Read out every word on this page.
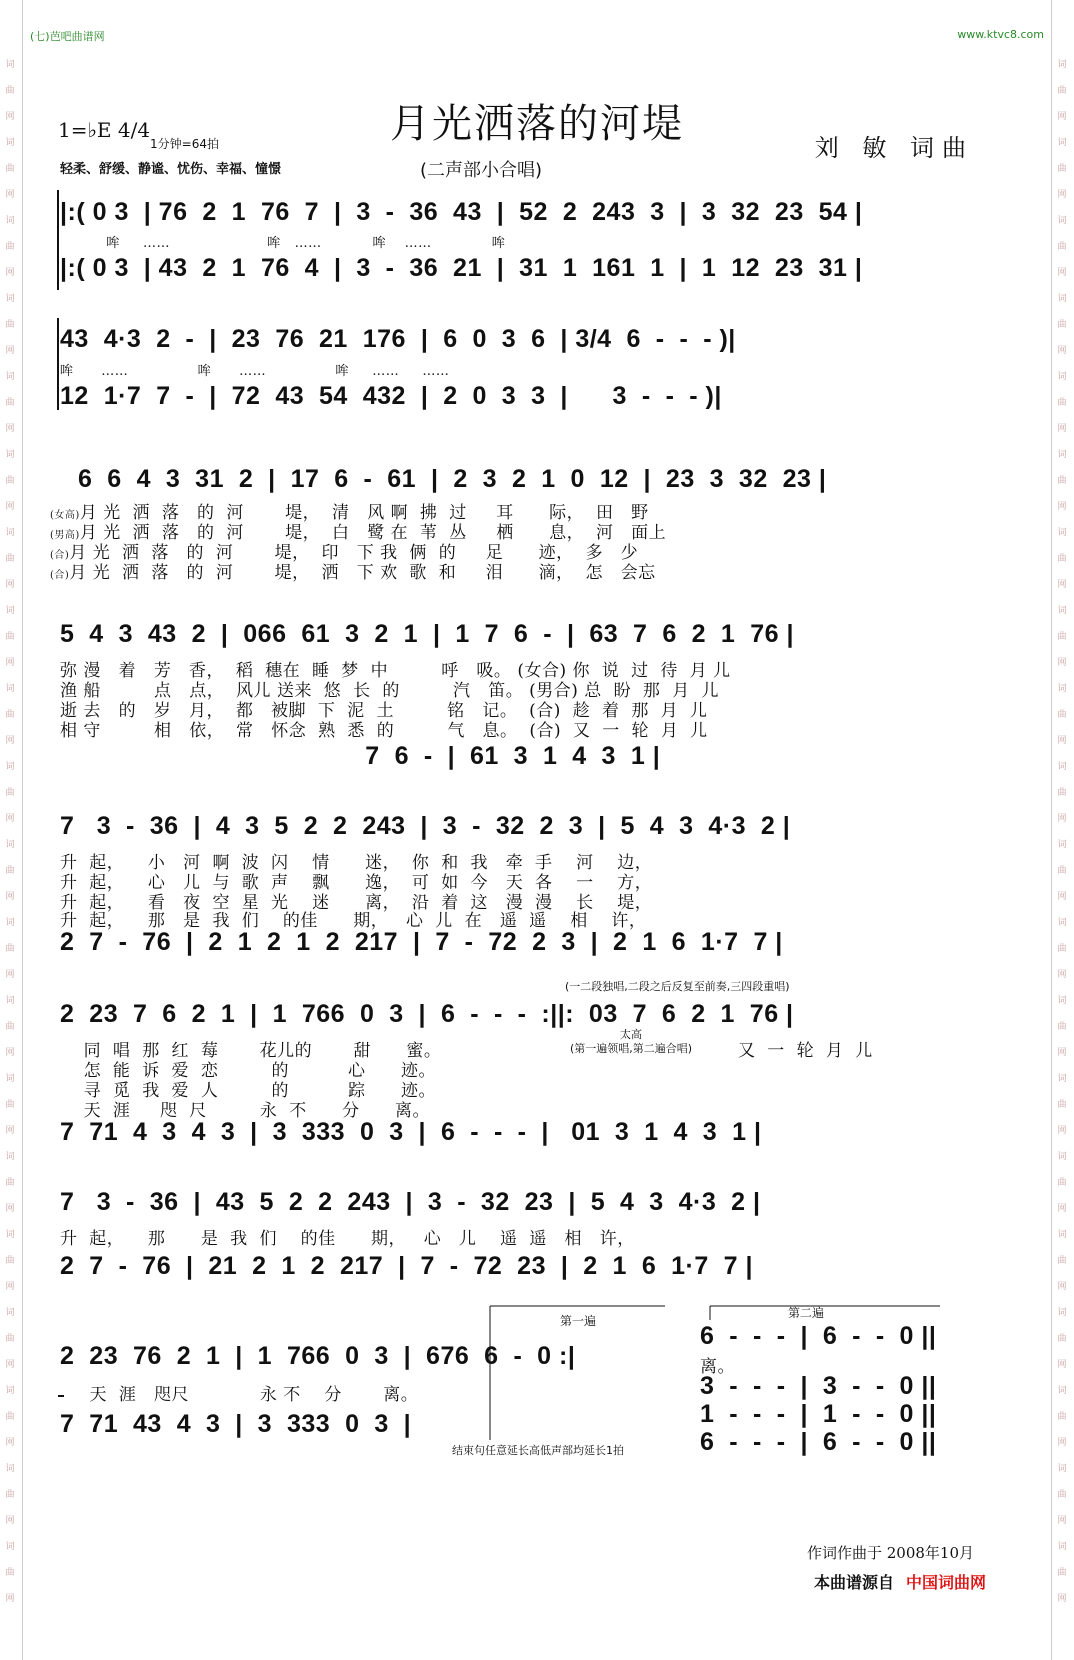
词
曲
网
词
曲
网
词
曲
网
词
曲
网
词
曲
网
词
曲
网
词
曲
网
词
曲
网
词
曲
网
词
曲
网
词
曲
网
词
曲
网
词
曲
网
词
曲
网
词
曲
网
词
曲
网
词
曲
网
词
曲
网
词
曲
网
词
曲
网
词
曲
网
词
曲
网
词
曲
网
词
曲
网
词
曲
网
词
曲
网
词
曲
网
词
曲
网
词
曲
网
词
曲
网
词
曲
网
词
曲
网
词
曲
网
词
曲
网
词
曲
网
词
曲
网
词
曲
网
词
曲
网
词
曲
网
词
曲
网
(七)芭吧曲谱网	www.ktvc8.com
月光洒落的河堤
刘 敏 词曲
1=♭E 4/4
1分钟=64拍
轻柔、舒缓、静谧、忧伤、幸福、憧憬	(二声部小合唱)
|:( 0 3  | 76  2  1  76  7  |  3  -  36  43  |  52  2  243  3  |  3  32  23  54 |
哞     ……                     哞   ……           哞    ……             哞
|:( 0 3  | 43  2  1  76  4  |  3  -  36  21  |  31  1  161  1  |  1  12  23  31 |
43  4·3  2  -  |  23  76  21  176  |  6  0  3  6  | 3/4  6  -  -  - )|
哞      ……               哞      ……               哞     ……     ……
12  1·7  7  -  |  72  43  54  432  |  2  0  3  3  |      3  -  -  - )|
6  6  4  3  31  2  |  17  6  -  61  |  2  3  2  1  0  12  |  23  3  32  23 |
(女高)月 光  洒  落   的  河       堤，  清   风 啊  拂  过     耳      际，  田   野
(男高)月 光  洒  落   的  河       堤，  白   鹭 在  苇  丛     栖      息，  河   面上
(合)月 光  洒  落   的  河       堤，  印   下 我  俩  的     足      迹，  多   少
(合)月 光  洒  落   的  河       堤，  洒   下 欢  歌  和     泪      滴，  怎   会忘
5  4  3  43  2  |  066  61  3  2  1  |  1  7  6  -  |  63  7  6  2  1  76 |
弥 漫   着   芳   香，  稻  穗在  睡  梦  中         呼   吸。 (女合) 你  说  过  待  月 儿
渔 船         点   点，  风儿 送来  悠  长  的         汽   笛。 (男合) 总  盼  那  月  儿
逝 去   的   岁   月，  都   被脚  下  泥  土         铭   记。  (合)  趁  着  那  月  儿
相 守         相   依，  常   怀念  熟  悉  的         气   息。  (合)  又  一  轮  月  儿
7  6  -  |  61  3  1  4  3  1 |
7   3  -  36  |  4  3  5  2  2  243  |  3  -  32  2  3  |  5  4  3  4·3  2 |
升  起，    小   河  啊  波  闪    情      迷，  你  和  我   牵  手    河    边，
升  起，    心   儿  与  歌  声    飘      逸，  可  如  今   天  各    一    方，
升  起，    看   夜  空  星  光    迷      离，  沿  着  这   漫  漫    长    堤，
升  起，    那   是  我  们    的佳      期，   心  儿  在   遥  遥    相    许，
2  7  -  76  |  2  1  2  1  2  217  |  7  -  72  2  3  |  2  1  6  1·7  7 |
(一二段独唱,二段之后反复至前奏,三四段重唱)
2  23  7  6  2  1  |  1  766  0  3  |  6  -  -  -  :||:  03  7  6  2  1  76 |
太高
同  唱  那  红  莓       花儿的       甜      蜜。	(第一遍领唱,第二遍合唱)	又  一  轮  月  儿
怎  能  诉  爱  恋         的          心      迹。
寻  觅  我  爱  人         的          踪      迹。
天  涯     咫  尺         永  不      分      离。
7  71  4  3  4  3  |  3  333  0  3  |  6  -  -  -  |   01  3  1  4  3  1 |
7   3  -  36  |  43  5  2  2  243  |  3  -  32  23  |  5  4  3  4·3  2 |
升  起，    那      是  我  们    的佳      期，   心   儿    遥  遥   相   许，
2  7  -  76  |  21  2  1  2  217  |  7  -  72  23  |  2  1  6  1·7  7 |
第一遍
第二遍
2  23  76  2  1  |  1  766  0  3  |  676  6  -  0 :|
天  涯   咫尺            永 不    分       离。
7  71  43  4  3  |  3  333  0  3  |
结束句任意延长高低声部均延长1拍
6  -  -  -  |  6  -  -  0 ||
离。
3  -  -  -  |  3  -  -  0 ||
1  -  -  -  |  1  -  -  0 ||
6  -  -  -  |  6  -  -  0 ||
作词作曲于 2008年10月
本曲谱源自 中国词曲网
